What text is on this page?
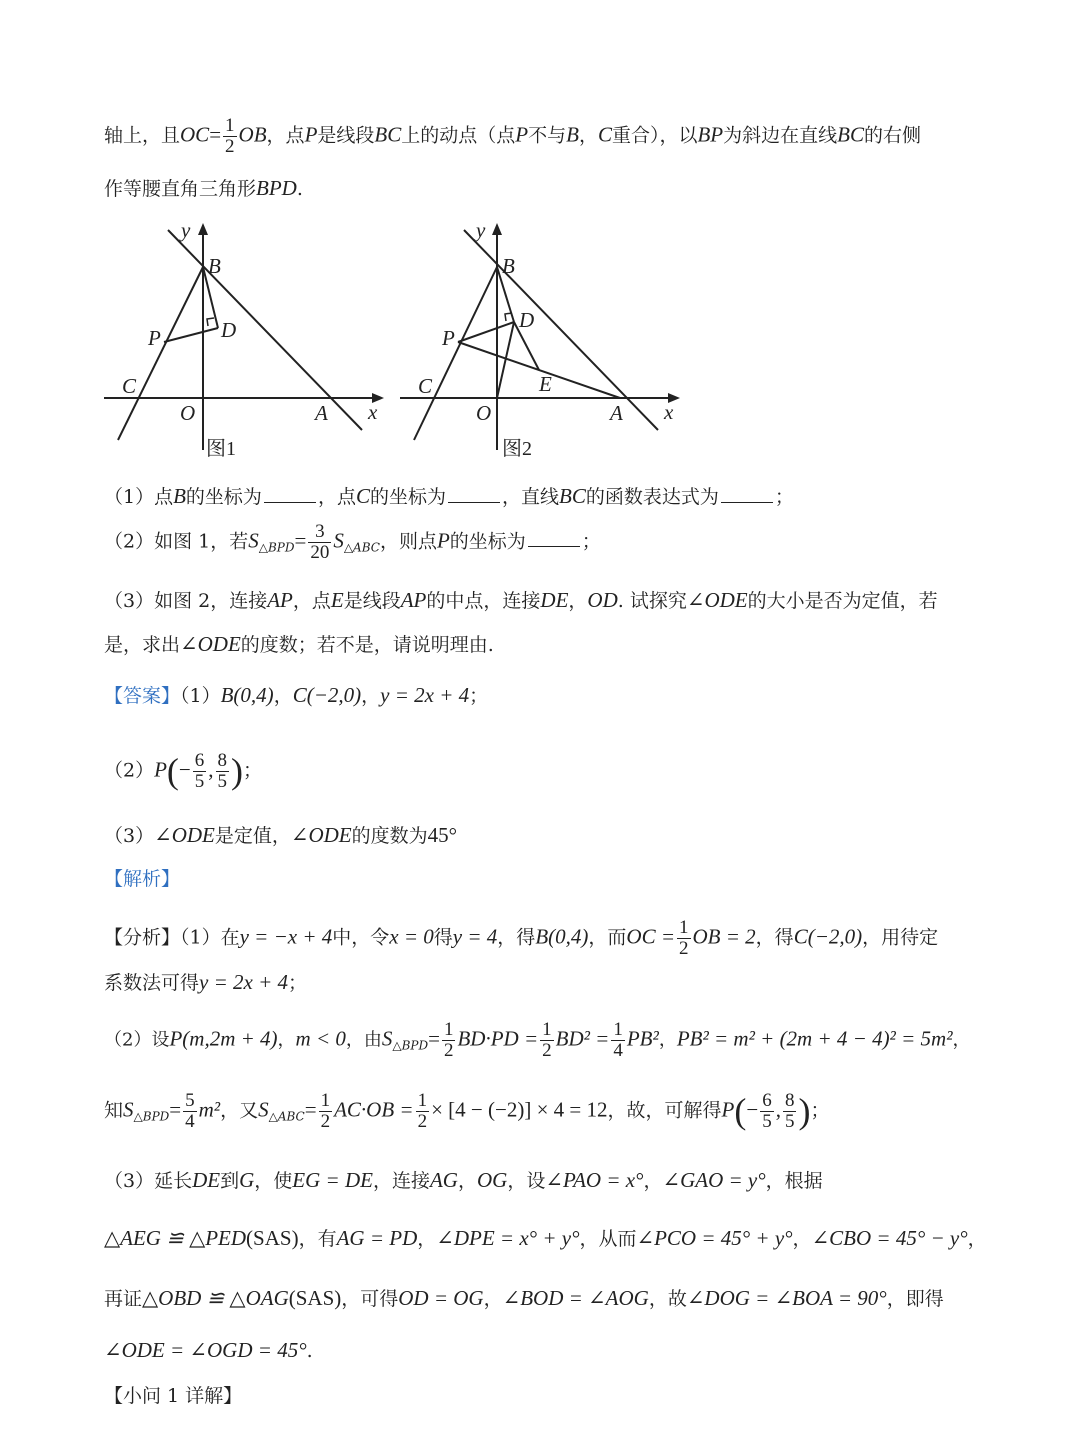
轴上，且$OC= \frac{1}{2}$ OB，点P是线段BC上的动点（点P不与B，C重合），以BP为斜边在直线BC的右侧
作等腰直角三角形BPD.
y
x
B
P	D
C
O	A
图1
y
x
B
P
D
E
C
O	A
图2
（1）点B的坐标为	，点C的坐标为	，直线BC的函数表达式为	；
（2）如图 1，若$S_{\triangle BPD}= \frac{3}{20} S_{\triangle ABC}$，则点P的坐标为	；
（3）如图 2，连接AP，点E是线段AP的中点，连接DE，OD. 试探究∠ODE的大小是否为定值，若
是，求出∠ODE的度数；若不是，请说明理由.
【答案】（1）B(0,4)，C(−2,0)，y = 2x + 4；
$(2)P(- \frac{6}{5}$ , $\frac{8}{5}$ )；
（3）∠ODE是定值，∠ODE的度数为45°
【解析】
【分析】（1）在y = −x + 4中，令x = 0得y = 4，得B(0,4)，而OC = $\frac{1}{2}$ OB = 2，得C(−2,0)，用待定
系数法可得y = 2x + 4；
（2）设P(m,2m + 4)，m < 0，由$S_{\triangle BPD}= \frac{1}{2} BD\cdot PD = \frac{1}{2} BD^2 = \frac{1}{4} PB^2$，PB² = m² + (2m + 4 − 4)² = 5m²，
知$S_{\triangle BPD}= \frac{5}{4} m^2$，又$S_{\triangle ABC}= \frac{1}{2} AC\cdot OB = \frac{1}{2} \times [4 - (-2)] \times 4 = 12$，故，可解得$P(- \frac{6}{5}$ , $\frac{8}{5}$ )；
（3）延长DE到G，使EG = DE，连接AG，OG，设∠PAO = x°，∠GAO = y°，根据
△AEG ≌ △PED(SAS)，有AG = PD，∠DPE = x° + y°，从而∠PCO = 45° + y°，∠CBO = 45° − y°，
再证△OBD ≌ △OAG(SAS)，可得OD = OG，∠BOD = ∠AOG，故∠DOG = ∠BOA = 90°，即得
∠ODE = ∠OGD = 45°.
【小问 1 详解】
